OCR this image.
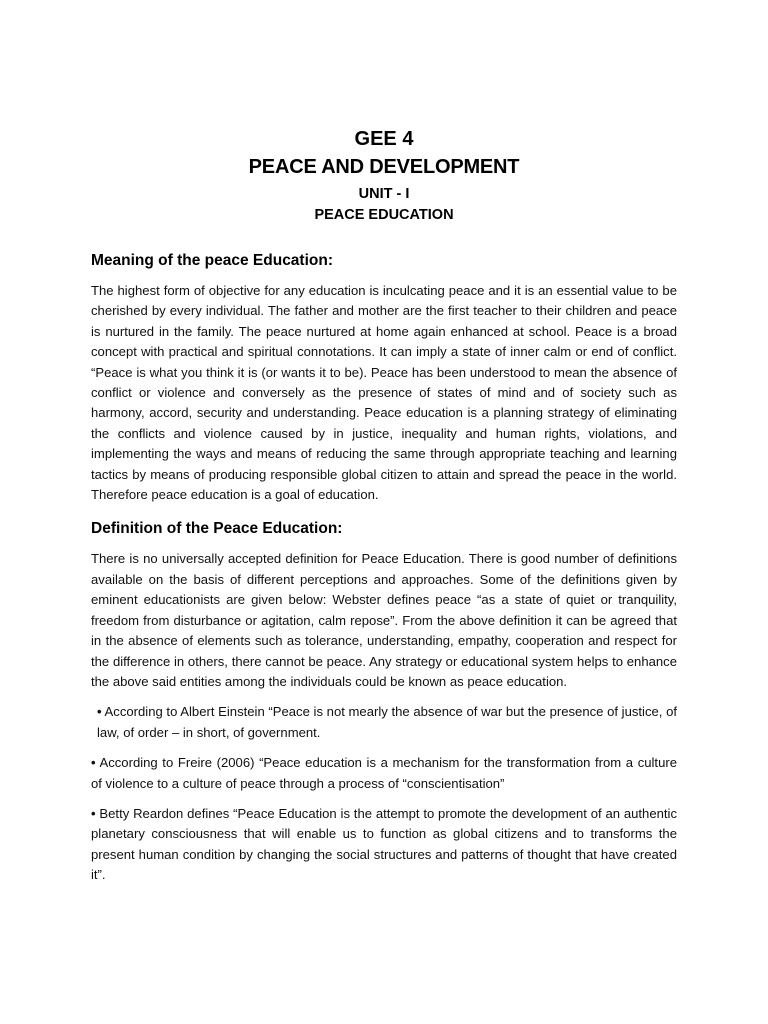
GEE 4
PEACE AND DEVELOPMENT
UNIT - I
PEACE EDUCATION
Meaning of the peace Education:

The highest form of objective for any education is inculcating peace and it is an essential value to be cherished by every individual. The father and mother are the first teacher to their children and peace is nurtured in the family. The peace nurtured at home again enhanced at school. Peace is a broad concept with practical and spiritual connotations. It can imply a state of inner calm or end of conflict. “Peace is what you think it is (or wants it to be). Peace has been understood to mean the absence of conflict or violence and conversely as the presence of states of mind and of society such as harmony, accord, security and understanding. Peace education is a planning strategy of eliminating the conflicts and violence caused by in justice, inequality and human rights, violations, and implementing the ways and means of reducing the same through appropriate teaching and learning tactics by means of producing responsible global citizen to attain and spread the peace in the world. Therefore peace education is a goal of education.

Definition of the Peace Education:

There is no universally accepted definition for Peace Education. There is good number of definitions available on the basis of different perceptions and approaches. Some of the definitions given by eminent educationists are given below: Webster defines peace “as a state of quiet or tranquility, freedom from disturbance or agitation, calm repose”. From the above definition it can be agreed that in the absence of elements such as tolerance, understanding, empathy, cooperation and respect for the difference in others, there cannot be peace. Any strategy or educational system helps to enhance the above said entities among the individuals could be known as peace education.

• According to Albert Einstein “Peace is not mearly the absence of war but the presence of justice, of law, of order – in short, of government.

• According to Freire (2006) “Peace education is a mechanism for the transformation from a culture of violence to a culture of peace through a process of “conscientisation”

• Betty Reardon defines “Peace Education is the attempt to promote the development of an authentic planetary consciousness that will enable us to function as global citizens and to transforms the present human condition by changing the social structures and patterns of thought that have created it”.
